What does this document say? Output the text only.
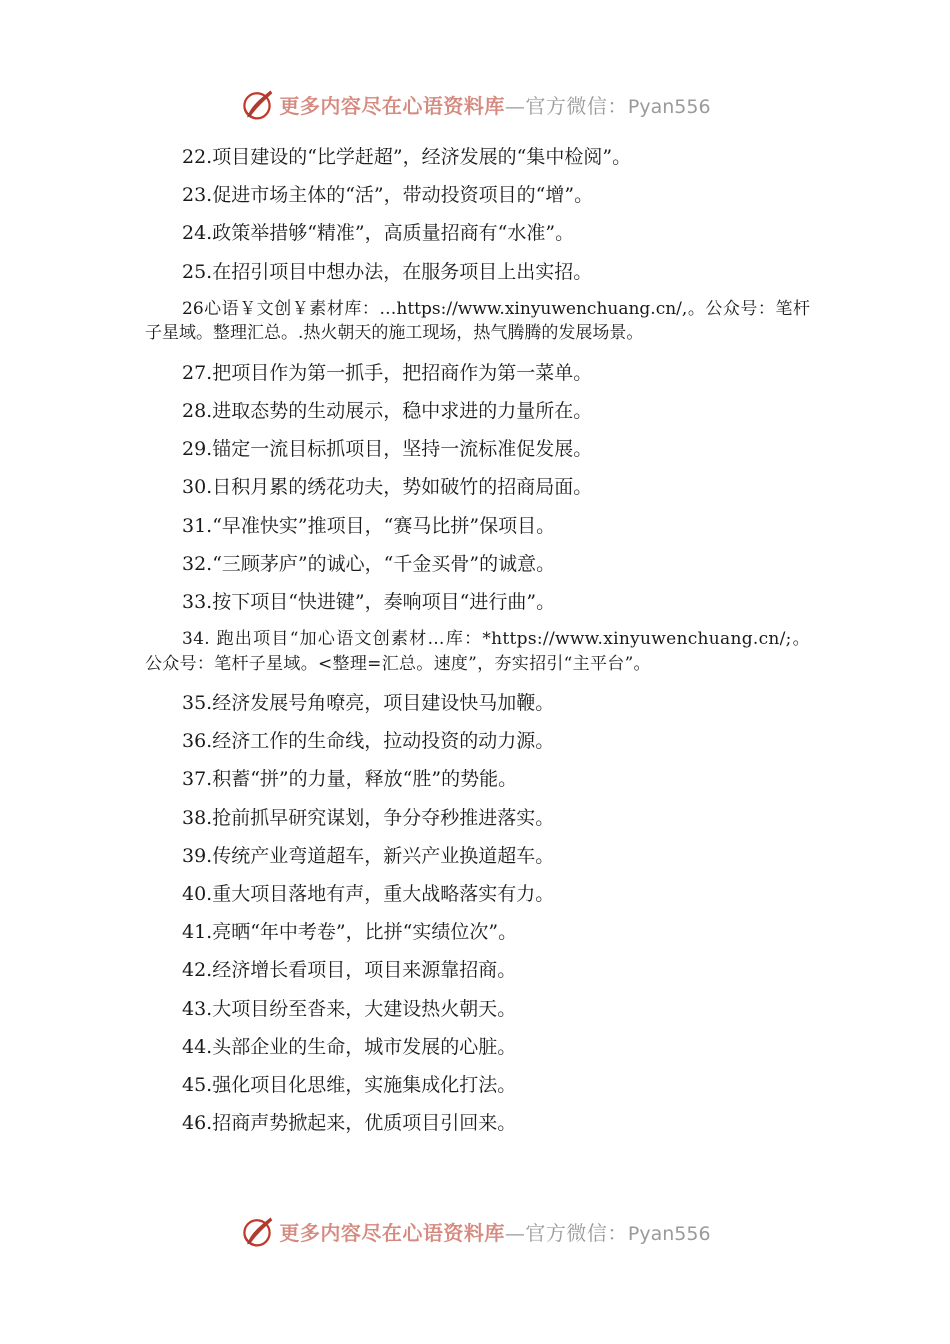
更多内容尽在心语资料库—官方微信：Pyan556
22.项目建设的“比学赶超”，经济发展的“集中检阅”。
23.促进市场主体的“活”，带动投资项目的“增”。
24.政策举措够“精准”，高质量招商有“水准”。
25.在招引项目中想办法，在服务项目上出实招。
26心语￥文创￥素材库：…https://www.xinyuwenchuang.cn/,。公众号：笔杆子星域。整理汇总。.热火朝天的施工现场，热气腾腾的发展场景。
27.把项目作为第一抓手，把招商作为第一菜单。
28.进取态势的生动展示，稳中求进的力量所在。
29.锚定一流目标抓项目，坚持一流标准促发展。
30.日积月累的绣花功夫，势如破竹的招商局面。
31.“早准快实”推项目，“赛马比拼”保项目。
32.“三顾茅庐”的诚心，“千金买骨”的诚意。
33.按下项目“快进键”，奏响项目“进行曲”。
34. 跑出项目“加心语文创素材…库：*https://www.xinyuwenchuang.cn/;。公众号：笔杆子星域。<整理=汇总。速度”，夯实招引“主平台”。
35.经济发展号角嘹亮，项目建设快马加鞭。
36.经济工作的生命线，拉动投资的动力源。
37.积蓄“拼”的力量，释放“胜”的势能。
38.抢前抓早研究谋划，争分夺秒推进落实。
39.传统产业弯道超车，新兴产业换道超车。
40.重大项目落地有声，重大战略落实有力。
41.亮晒“年中考卷”，比拼“实绩位次”。
42.经济增长看项目，项目来源靠招商。
43.大项目纷至沓来，大建设热火朝天。
44.头部企业的生命，城市发展的心脏。
45.强化项目化思维，实施集成化打法。
46.招商声势掀起来，优质项目引回来。
更多内容尽在心语资料库—官方微信：Pyan556
